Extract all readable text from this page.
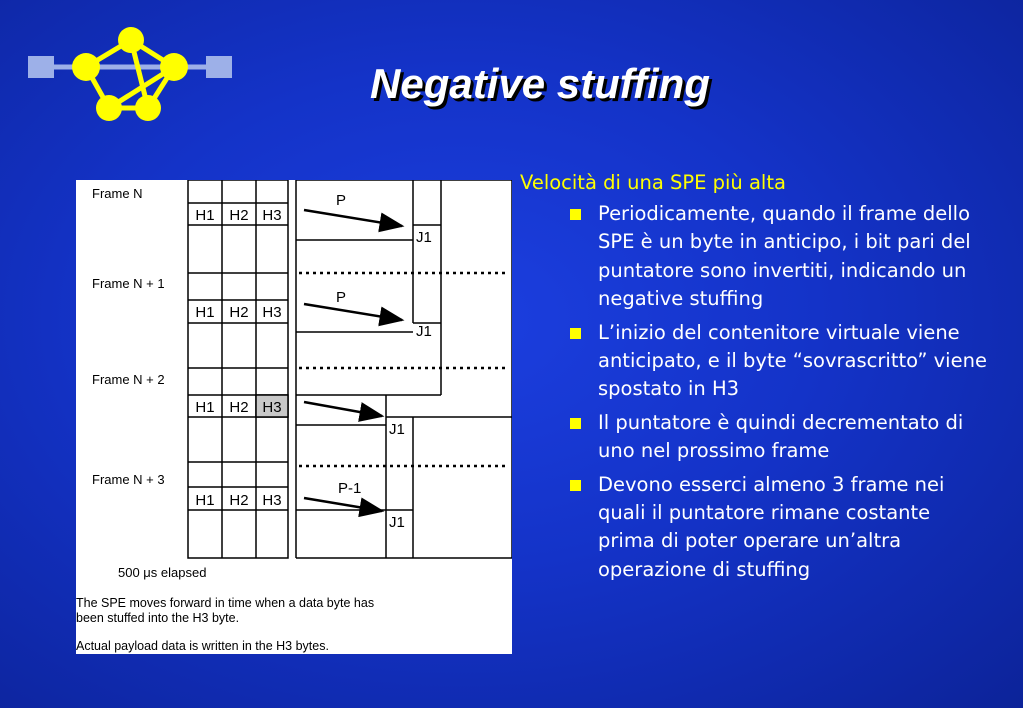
Negative stuffing
Frame N
Frame N + 1
Frame N + 2
Frame N + 3
H1 H2 H3
H1 H2 H3
H1 H2 H3
H1 H2 H3
P
P
P-1
J1
J1
J1
J1
500 μs elapsed
The SPE moves forward in time when a data byte has been stuffed into the H3 byte.
Actual payload data is written in the H3 bytes.
Velocità di una SPE più alta
Periodicamente, quando il frame dello SPE è un byte in anticipo, i bit pari del puntatore sono invertiti, indicando un negative stuffing
L’inizio del contenitore virtuale viene anticipato, e il byte “sovrascritto” viene spostato in H3
Il puntatore è quindi decrementato di uno nel prossimo frame
Devono esserci almeno 3 frame nei quali il puntatore rimane costante prima di poter operare un’altra operazione di stuffing
